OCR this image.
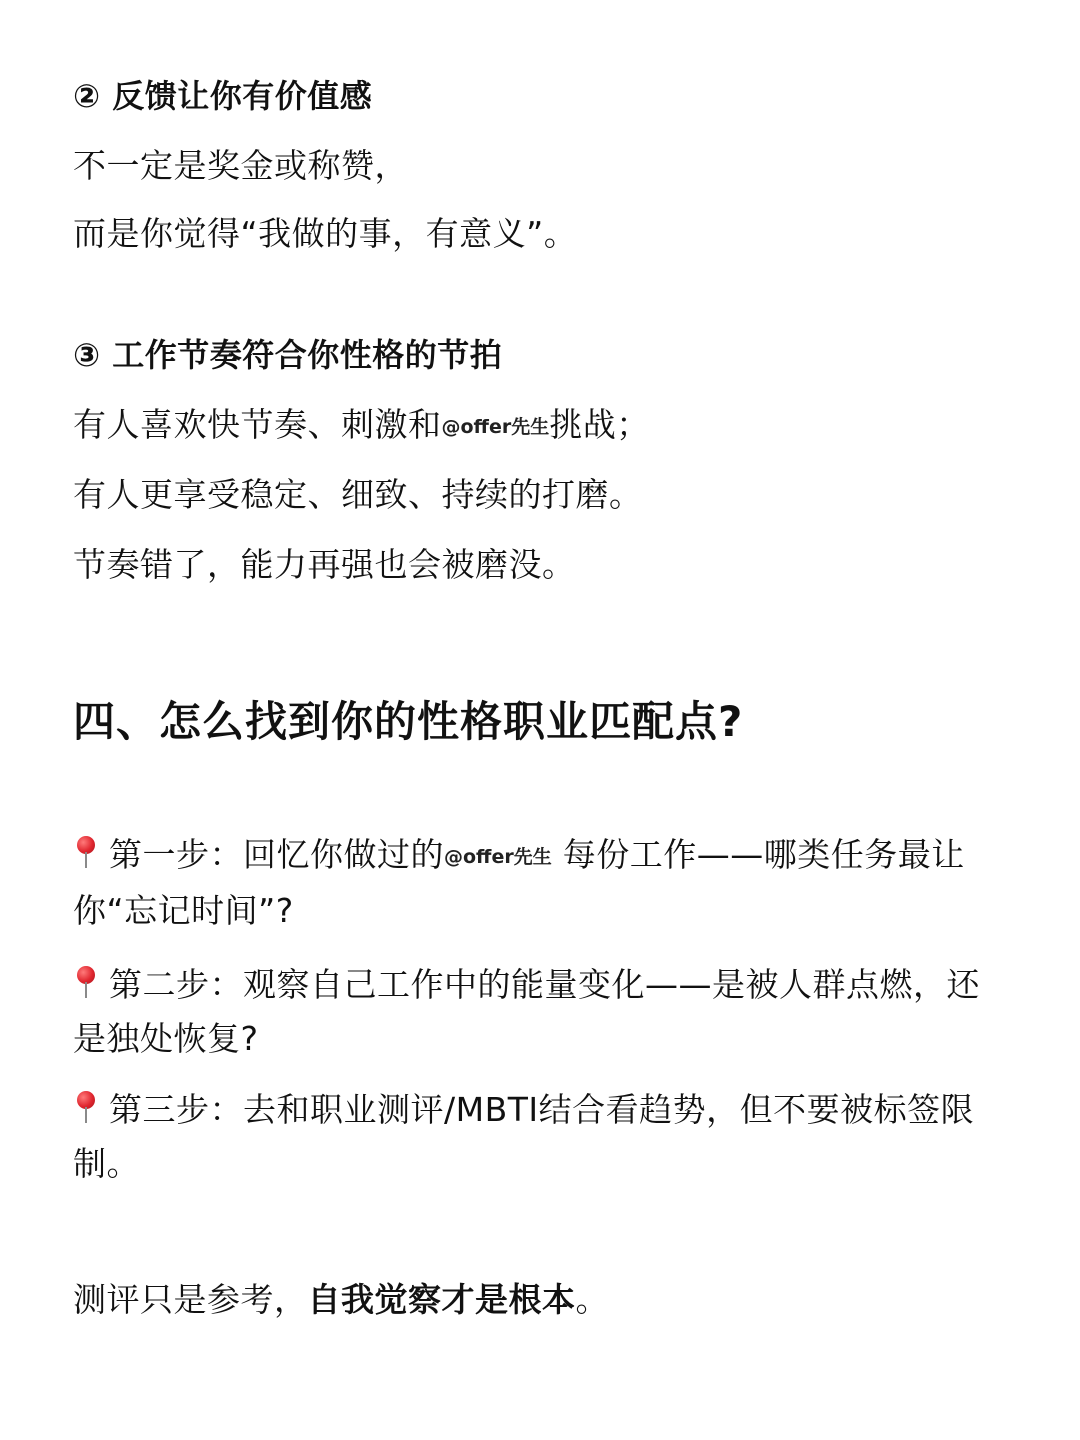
② 反馈让你有价值感
不一定是奖金或称赞，
而是你觉得“我做的事，有意义”。
③ 工作节奏符合你性格的节拍
有人喜欢快节奏、刺激和@offer先生挑战；
有人更享受稳定、细致、持续的打磨。
节奏错了，能力再强也会被磨没。
四、怎么找到你的性格职业匹配点?
第一步：回忆你做过的@offer先生 每份工作——哪类任务最让你“忘记时间”?
第二步：观察自己工作中的能量变化——是被人群点燃，还是独处恢复?
第三步：去和职业测评/MBTI结合看趋势，但不要被标签限制。
测评只是参考，自我觉察才是根本。
